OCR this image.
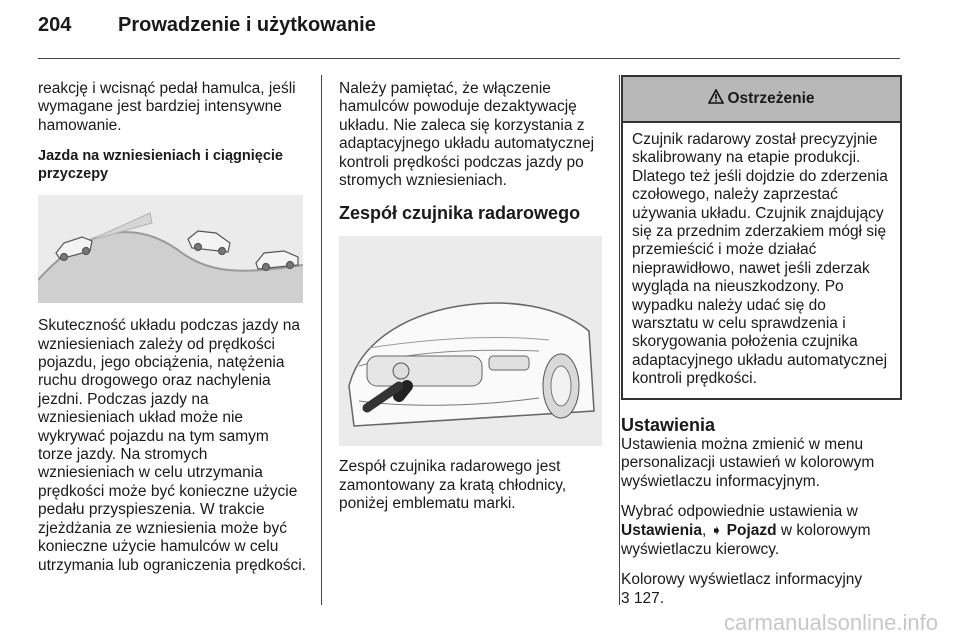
204 Prowadzenie i użytkowanie

reakcję i wcisnąć pedał hamulca, jeśli wymagane jest bardziej intensywne hamowanie.

Jazda na wzniesieniach i ciągnięcie przyczepy

Skuteczność układu podczas jazdy na wzniesieniach zależy od prędkości pojazdu, jego obciążenia, natężenia ruchu drogowego oraz nachylenia jezdni. Podczas jazdy na wzniesieniach układ może nie wykrywać pojazdu na tym samym torze jazdy. Na stromych wzniesieniach w celu utrzymania prędkości może być konieczne użycie pedału przyspieszenia. W trakcie zjeżdżania ze wzniesienia może być konieczne użycie hamulców w celu utrzymania lub ograniczenia prędkości.

Należy pamiętać, że włączenie hamulców powoduje dezaktywację układu. Nie zaleca się korzystania z adaptacyjnego układu automatycznej kontroli prędkości podczas jazdy po stromych wzniesieniach.

Zespół czujnika radarowego

Zespół czujnika radarowego jest zamontowany za kratą chłodnicy, poniżej emblematu marki.

Ostrzeżenie
Czujnik radarowy został precyzyjnie skalibrowany na etapie produkcji. Dlatego też jeśli dojdzie do zderzenia czołowego, należy zaprzestać używania układu. Czujnik znajdujący się za przednim zderzakiem mógł się przemieścić i może działać nieprawidłowo, nawet jeśli zderzak wygląda na nieuszkodzony. Po wypadku należy udać się do warsztatu w celu sprawdzenia i skorygowania położenia czujnika adaptacyjnego układu automatycznej kontroli prędkości.
Ustawienia

Ustawienia można zmienić w menu personalizacji ustawień w kolorowym wyświetlaczu informacyjnym.

Wybrać odpowiednie ustawienia w
Ustawienia, ➧ Pojazd w kolorowym wyświetlaczu kierowcy.

Kolorowy wyświetlacz informacyjny
3 127.

carmanualsonline.info
